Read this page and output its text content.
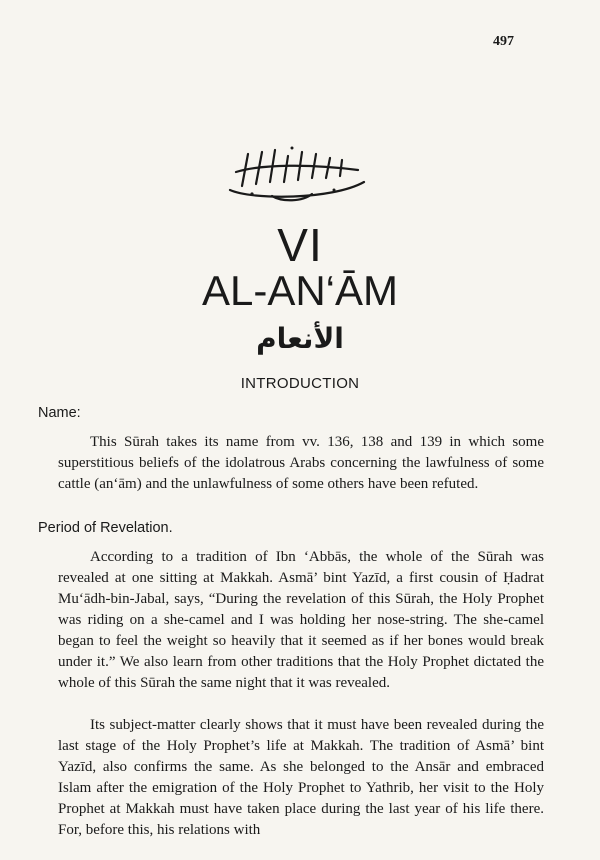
497
VI
AL-AN‘ĀM
الأنعام
INTRODUCTION
Name:
This Sūrah takes its name from vv. 136, 138 and 139 in which some superstitious beliefs of the idolatrous Arabs concerning the lawfulness of some cattle (an‘ām) and the unlawfulness of some others have been refuted.
Period of Revelation.
According to a tradition of Ibn ‘Abbās, the whole of the Sūrah was revealed at one sitting at Makkah. Asmā’ bint Yazīd, a first cousin of Ḥadrat Mu‘ādh-bin-Jabal, says, “During the revelation of this Sūrah, the Holy Prophet was riding on a she-camel and I was holding her nose-string. The she-camel began to feel the weight so heavily that it seemed as if her bones would break under it.” We also learn from other traditions that the Holy Prophet dictated the whole of this Sūrah the same night that it was revealed.
Its subject-matter clearly shows that it must have been revealed during the last stage of the Holy Prophet’s life at Makkah. The tradition of Asmā’ bint Yazīd, also confirms the same. As she belonged to the Ansār and embraced Islam after the emigration of the Holy Prophet to Yathrib, her visit to the Holy Prophet at Makkah must have taken place during the last year of his life there. For, before this, his relations with
